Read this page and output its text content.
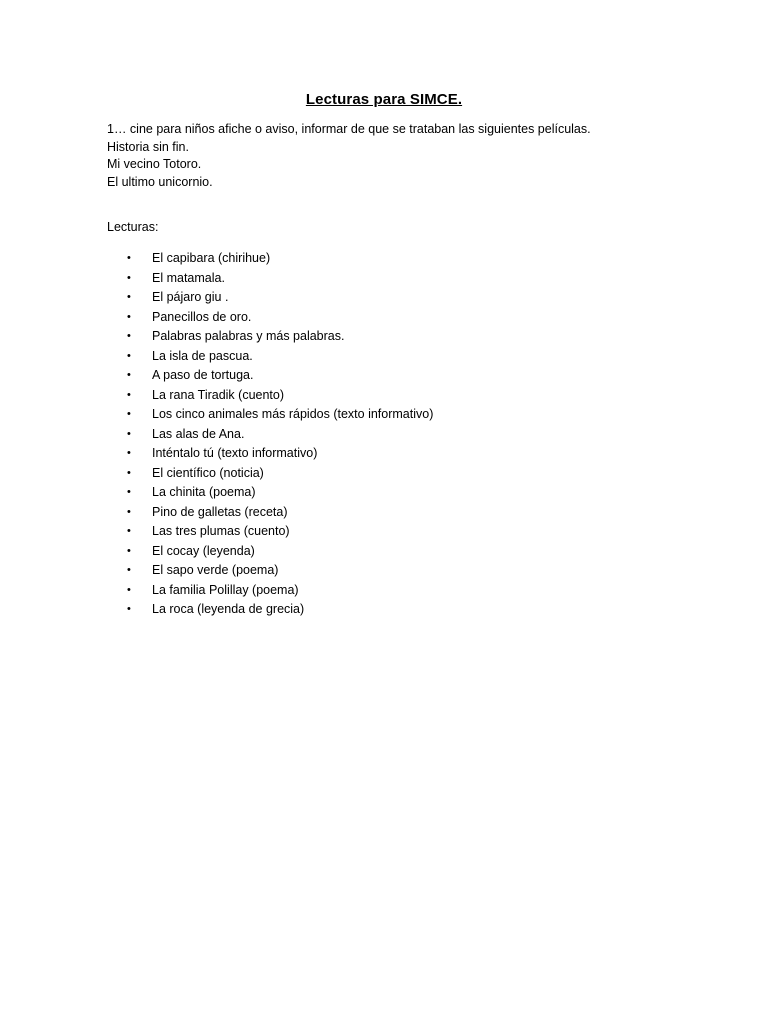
Lecturas para SIMCE.
1… cine para niños afiche o aviso, informar de que se trataban las siguientes películas.
Historia sin fin.
Mi vecino Totoro.
El ultimo unicornio.
Lecturas:
•	El capibara (chirihue)
•	El matamala.
•	El pájaro giu .
•	Panecillos de oro.
•	Palabras palabras y más palabras.
•	La isla de pascua.
•	A paso de tortuga.
•	La rana Tiradik (cuento)
•	Los cinco animales más rápidos (texto informativo)
•	Las alas de Ana.
•	Inténtalo tú (texto informativo)
•	El científico (noticia)
•	La chinita (poema)
•	Pino de galletas (receta)
•	Las tres plumas (cuento)
•	El cocay (leyenda)
•	El sapo verde (poema)
•	La familia Polillay (poema)
•	La roca (leyenda de grecia)
